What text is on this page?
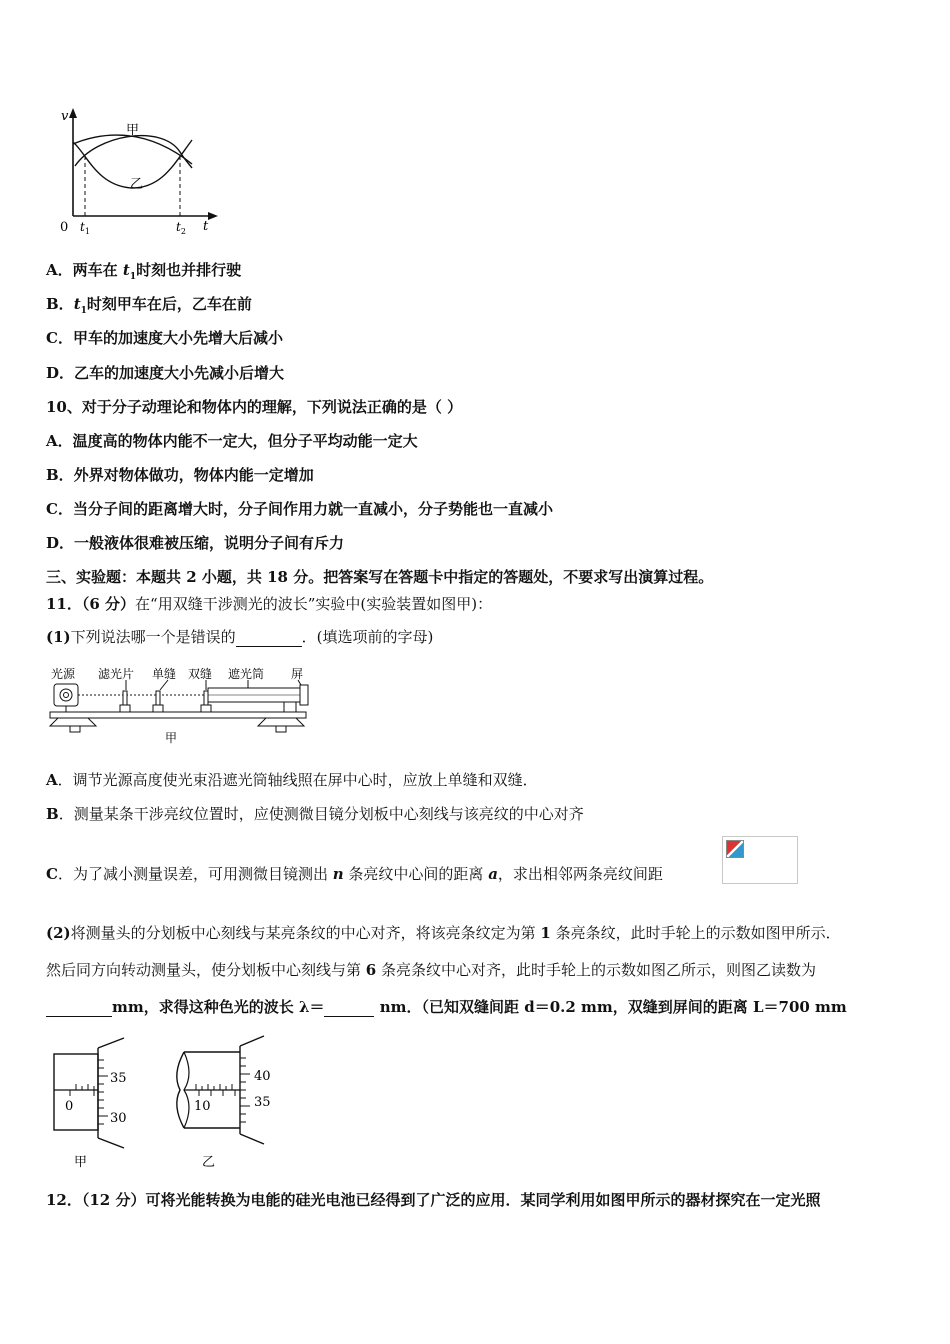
v
t
0 $t_1$	$t_2$
甲
乙
A．两车在 $t_1$时刻也并排行驶
B．$t_1$时刻甲车在后，乙车在前
C．甲车的加速度大小先增大后减小
D．乙车的加速度大小先减小后增大
10、对于分子动理论和物体内的理解，下列说法正确的是（ ）
A．温度高的物体内能不一定大，但分子平均动能一定大
B．外界对物体做功，物体内能一定增加
C．当分子间的距离增大时，分子间作用力就一直减小，分子势能也一直减小
D．一般液体很难被压缩，说明分子间有斥力
三、实验题：本题共 2 小题，共 18 分。把答案写在答题卡中指定的答题处，不要求写出演算过程。
11．（6 分）在“用双缝干涉测光的波长”实验中(实验装置如图甲)：
(1)下列说法哪一个是错误的	．(填选项前的字母)
光源 滤光片 单缝 双缝 遮光筒 屏
甲
A．调节光源高度使光束沿遮光筒轴线照在屏中心时，应放上单缝和双缝．
B．测量某条干涉亮纹位置时，应使测微目镜分划板中心刻线与该亮纹的中心对齐
C．为了减小测量误差，可用测微目镜测出 n 条亮纹中心间的距离 a，求出相邻两条亮纹间距
(2)将测量头的分划板中心刻线与某亮条纹的中心对齐，将该亮条纹定为第 1 条亮条纹，此时手轮上的示数如图甲所示．
然后同方向转动测量头，使分划板中心刻线与第 6 条亮条纹中心对齐，此时手轮上的示数如图乙所示，则图乙读数为
mm，求得这种色光的波长 λ＝	nm．（已知双缝间距 d＝0.2 mm，双缝到屏间的距离 L＝700 mm
0
35
30
甲
10
40
35
乙
12．（12 分）可将光能转换为电能的硅光电池已经得到了广泛的应用．某同学利用如图甲所示的器材探究在一定光照
